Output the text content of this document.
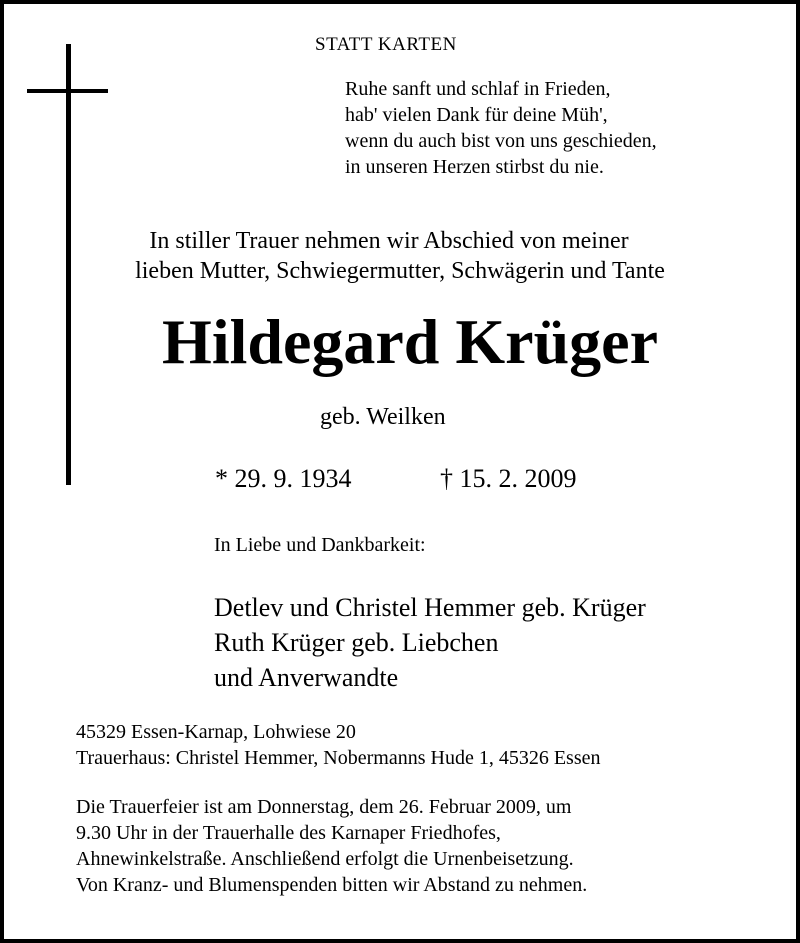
STATT KARTEN
Ruhe sanft und schlaf in Frieden,
hab' vielen Dank für deine Müh',
wenn du auch bist von uns geschieden,
in unseren Herzen stirbst du nie.
In stiller Trauer nehmen wir Abschied von meiner
lieben Mutter, Schwiegermutter, Schwägerin und Tante
Hildegard Krüger
geb. Weilken
* 29. 9. 1934	† 15. 2. 2009
In Liebe und Dankbarkeit:
Detlev und Christel Hemmer geb. Krüger
Ruth Krüger geb. Liebchen
und Anverwandte
45329 Essen-Karnap, Lohwiese 20
Trauerhaus: Christel Hemmer, Nobermanns Hude 1, 45326 Essen
Die Trauerfeier ist am Donnerstag, dem 26. Februar 2009, um
9.30 Uhr in der Trauerhalle des Karnaper Friedhofes,
Ahnewinkelstraße. Anschließend erfolgt die Urnenbeisetzung.
Von Kranz- und Blumenspenden bitten wir Abstand zu nehmen.
